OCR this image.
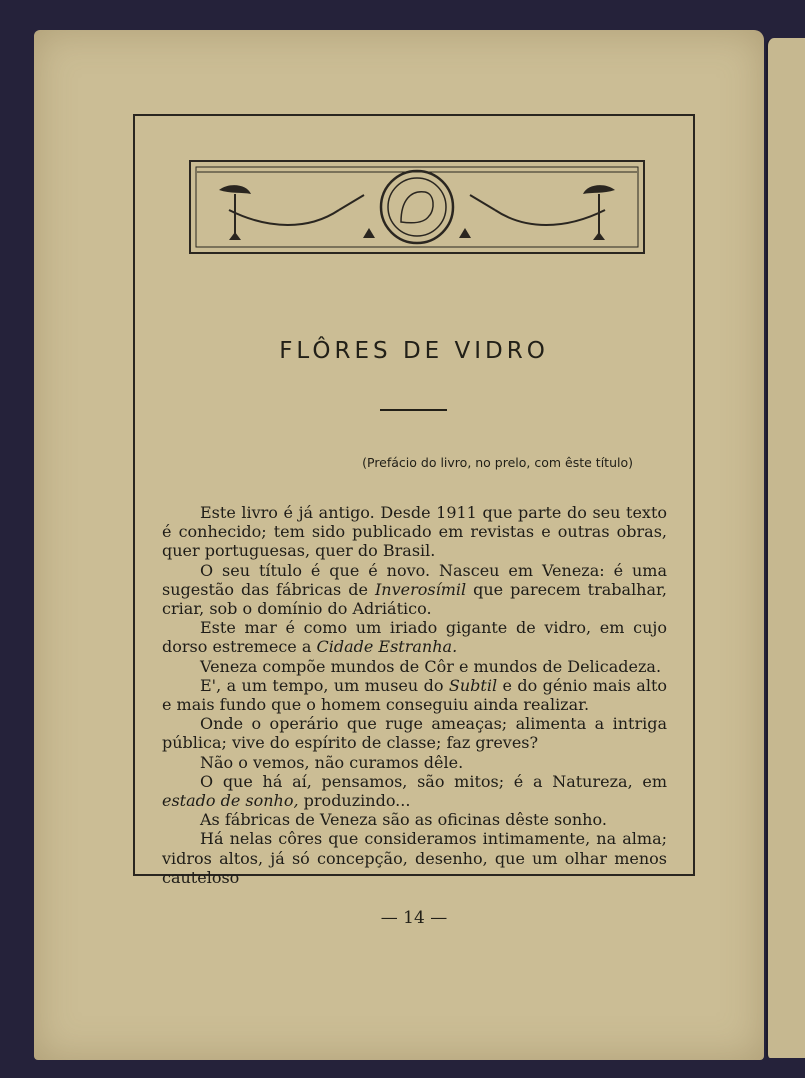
FLÔRES DE VIDRO
(Prefácio do livro, no prelo, com êste título)

Este livro é já antigo. Desde 1911 que parte do seu texto é conhecido; tem sido publicado em revistas e outras obras, quer portuguesas, quer do Brasil.

O seu título é que é novo. Nasceu em Veneza: é uma sugestão das fábricas de Inverosímil que parecem trabalhar, criar, sob o domínio do Adriático.

Este mar é como um iriado gigante de vidro, em cujo dorso estremece a Cidade Estranha.

Veneza compõe mundos de Côr e mundos de Delicadeza.

E', a um tempo, um museu do Subtil e do génio mais alto e mais fundo que o homem conseguiu ainda realizar.

Onde o operário que ruge ameaças; alimenta a intriga pública; vive do espírito de classe; faz greves?

Não o vemos, não curamos dêle.

O que há aí, pensamos, são mitos; é a Natureza, em estado de sonho, produzindo...

As fábricas de Veneza são as oficinas dêste sonho.

Há nelas côres que consideramos intimamente, na alma; vidros altos, já só concepção, desenho, que um olhar menos cauteloso

— 14 —
